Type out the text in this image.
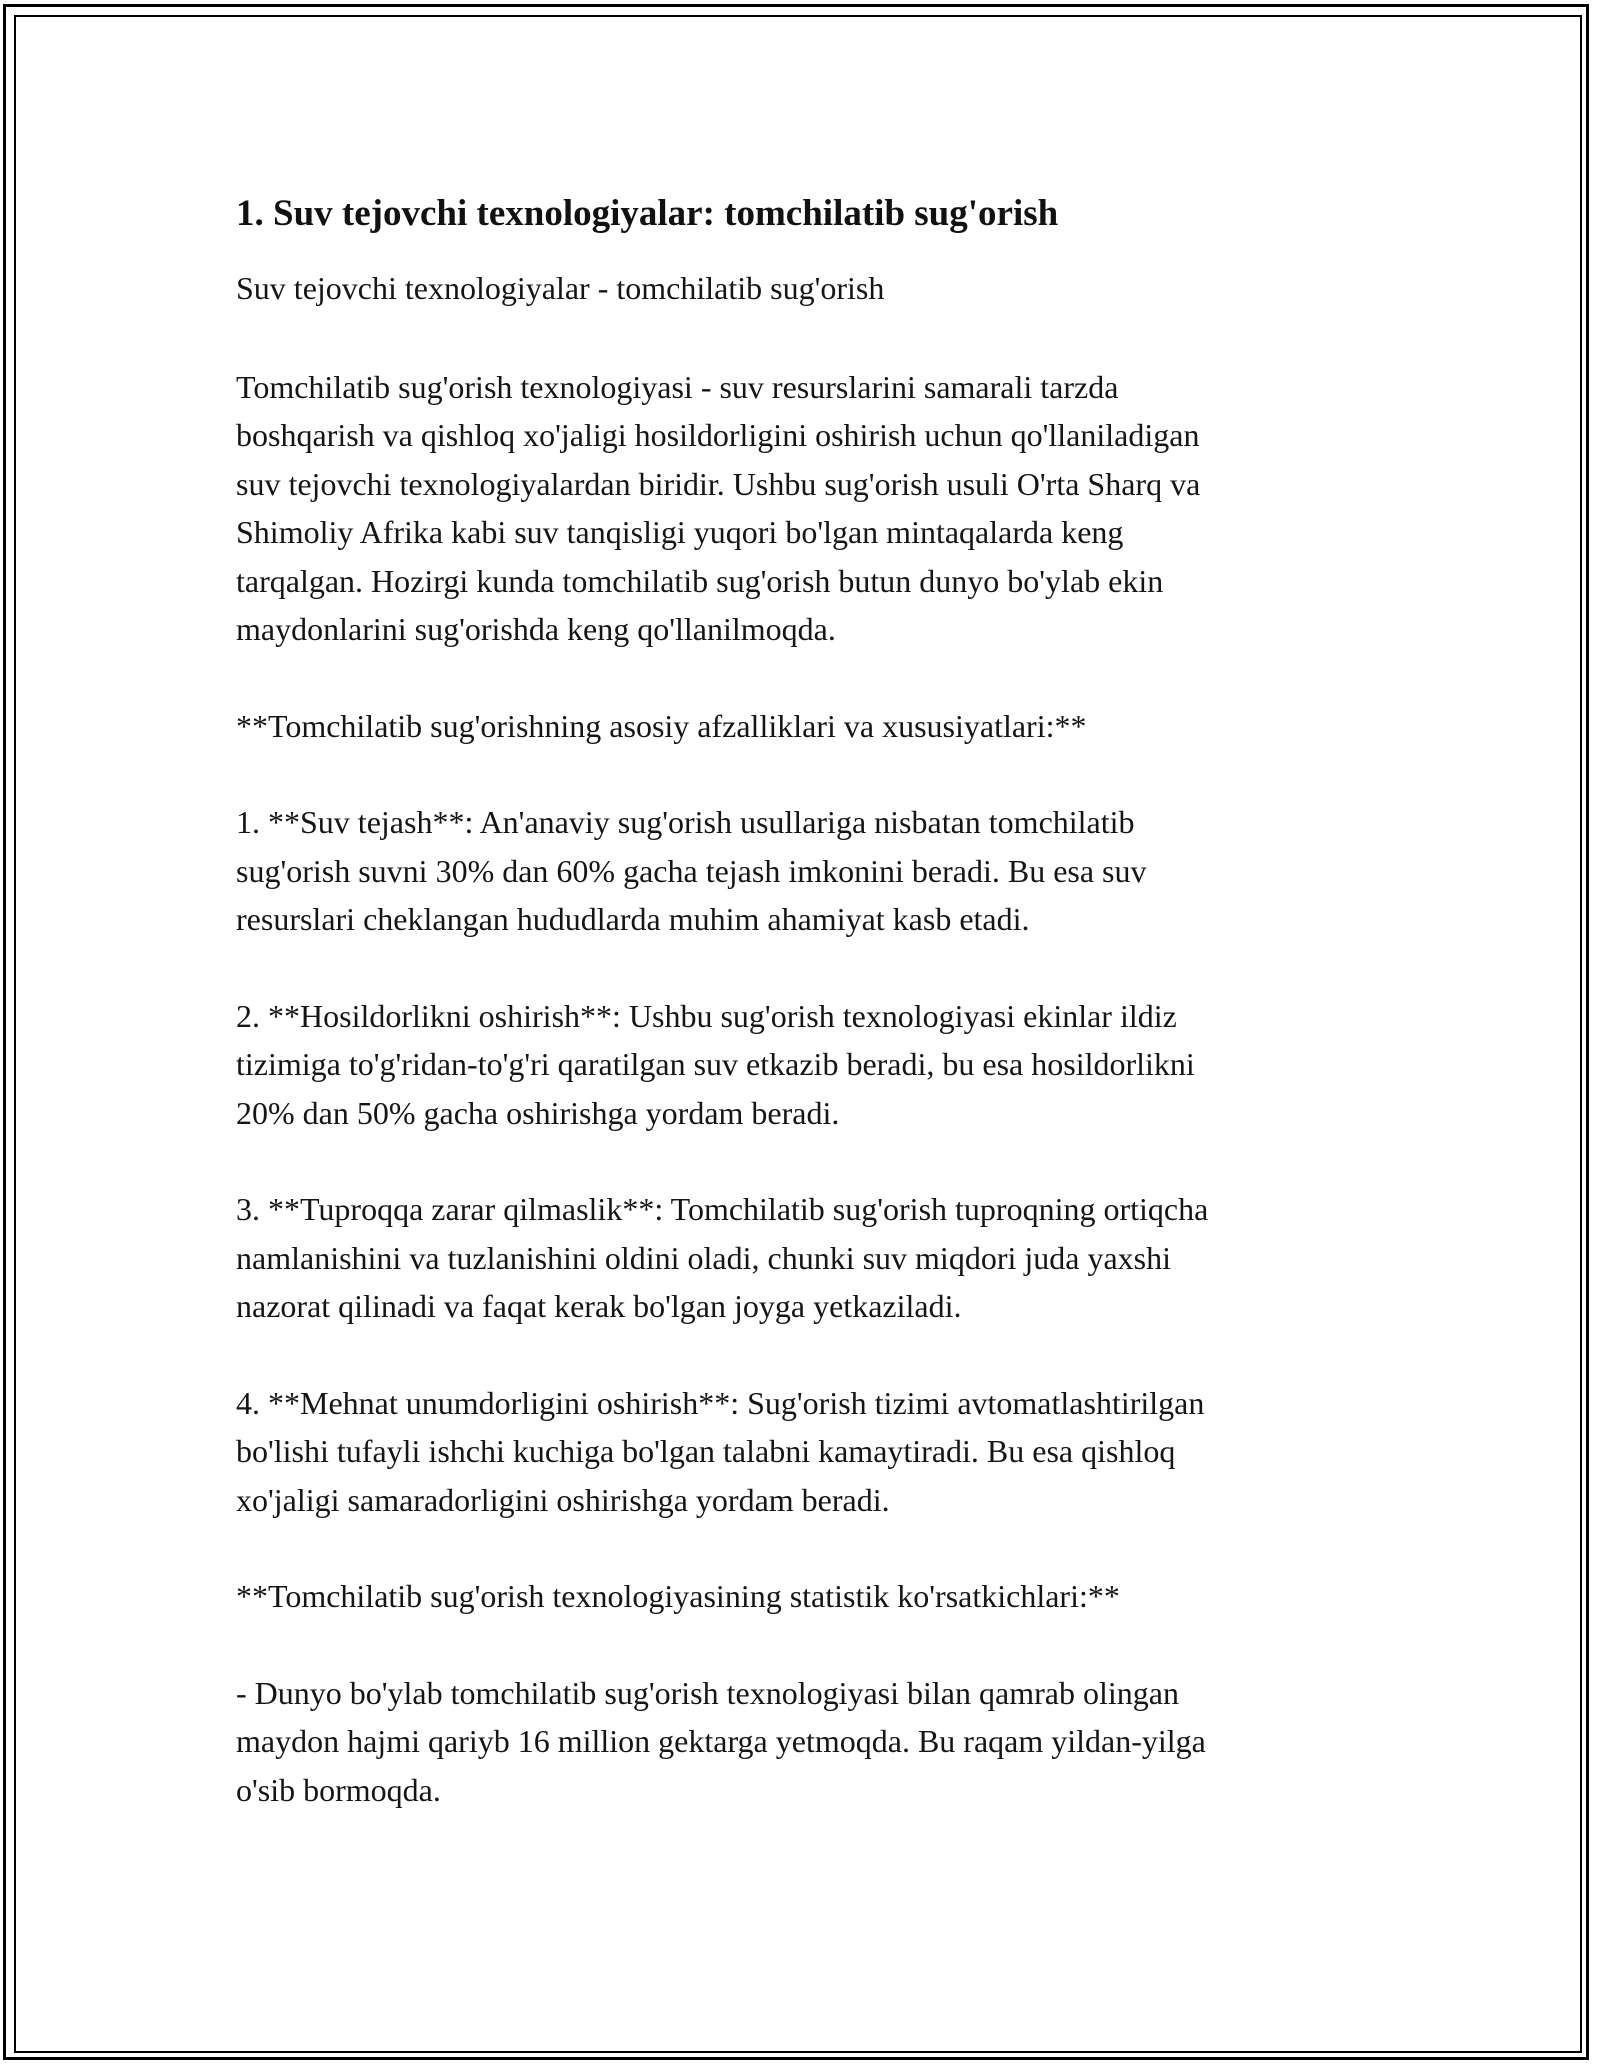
1. Suv tejovchi texnologiyalar: tomchilatib sug'orish

Suv tejovchi texnologiyalar - tomchilatib sug'orish

Tomchilatib sug'orish texnologiyasi - suv resurslarini samarali tarzda
boshqarish va qishloq xo'jaligi hosildorligini oshirish uchun qo'llaniladigan
suv tejovchi texnologiyalardan biridir. Ushbu sug'orish usuli O'rta Sharq va
Shimoliy Afrika kabi suv tanqisligi yuqori bo'lgan mintaqalarda keng
tarqalgan. Hozirgi kunda tomchilatib sug'orish butun dunyo bo'ylab ekin
maydonlarini sug'orishda keng qo'llanilmoqda.

**Tomchilatib sug'orishning asosiy afzalliklari va xususiyatlari:**

1. **Suv tejash**: An'anaviy sug'orish usullariga nisbatan tomchilatib
sug'orish suvni 30% dan 60% gacha tejash imkonini beradi. Bu esa suv
resurslari cheklangan hududlarda muhim ahamiyat kasb etadi.

2. **Hosildorlikni oshirish**: Ushbu sug'orish texnologiyasi ekinlar ildiz
tizimiga to'g'ridan-to'g'ri qaratilgan suv etkazib beradi, bu esa hosildorlikni
20% dan 50% gacha oshirishga yordam beradi.

3. **Tuproqqa zarar qilmaslik**: Tomchilatib sug'orish tuproqning ortiqcha
namlanishini va tuzlanishini oldini oladi, chunki suv miqdori juda yaxshi
nazorat qilinadi va faqat kerak bo'lgan joyga yetkaziladi.

4. **Mehnat unumdorligini oshirish**: Sug'orish tizimi avtomatlashtirilgan
bo'lishi tufayli ishchi kuchiga bo'lgan talabni kamaytiradi. Bu esa qishloq
xo'jaligi samaradorligini oshirishga yordam beradi.

**Tomchilatib sug'orish texnologiyasining statistik ko'rsatkichlari:**

- Dunyo bo'ylab tomchilatib sug'orish texnologiyasi bilan qamrab olingan
maydon hajmi qariyb 16 million gektarga yetmoqda. Bu raqam yildan-yilga
o'sib bormoqda.
